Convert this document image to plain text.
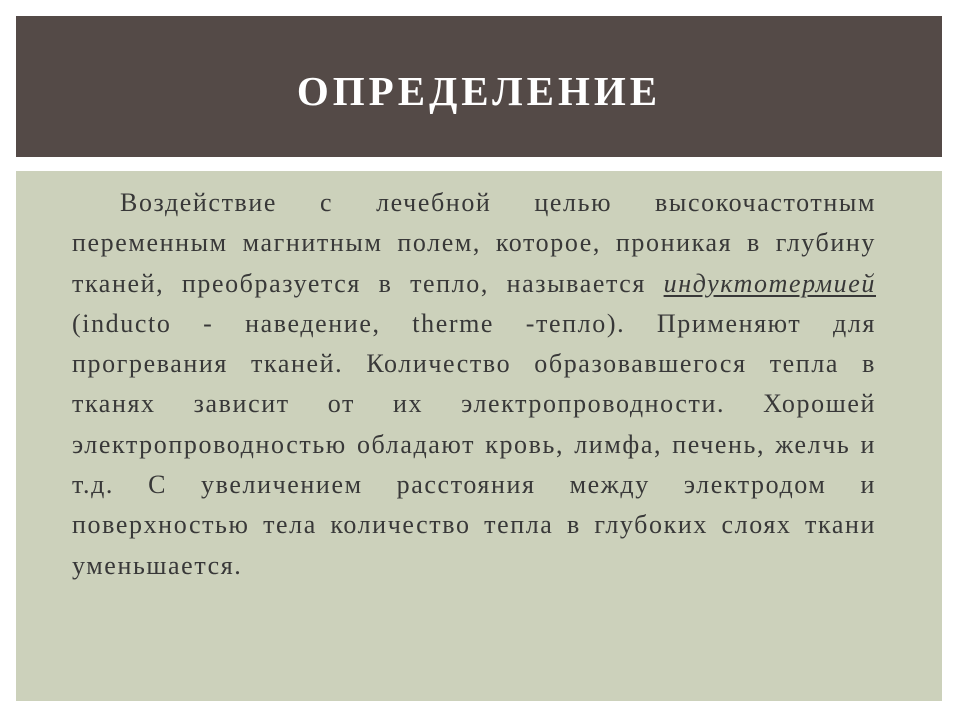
ОПРЕДЕЛЕНИЕ

Воздействие с лечебной целью высокочастотным переменным магнитным полем, которое, проникая в глубину тканей, преобразуется в тепло, называется индуктотермией (inducto - наведение, therme -тепло). Применяют для прогревания тканей. Количество образовавшегося тепла в тканях зависит от их электропроводности. Хорошей электропроводностью обладают кровь, лимфа, печень, желчь и т.д. С увеличением расстояния между электродом и поверхностью тела количество тепла в глубоких слоях ткани уменьшается.
